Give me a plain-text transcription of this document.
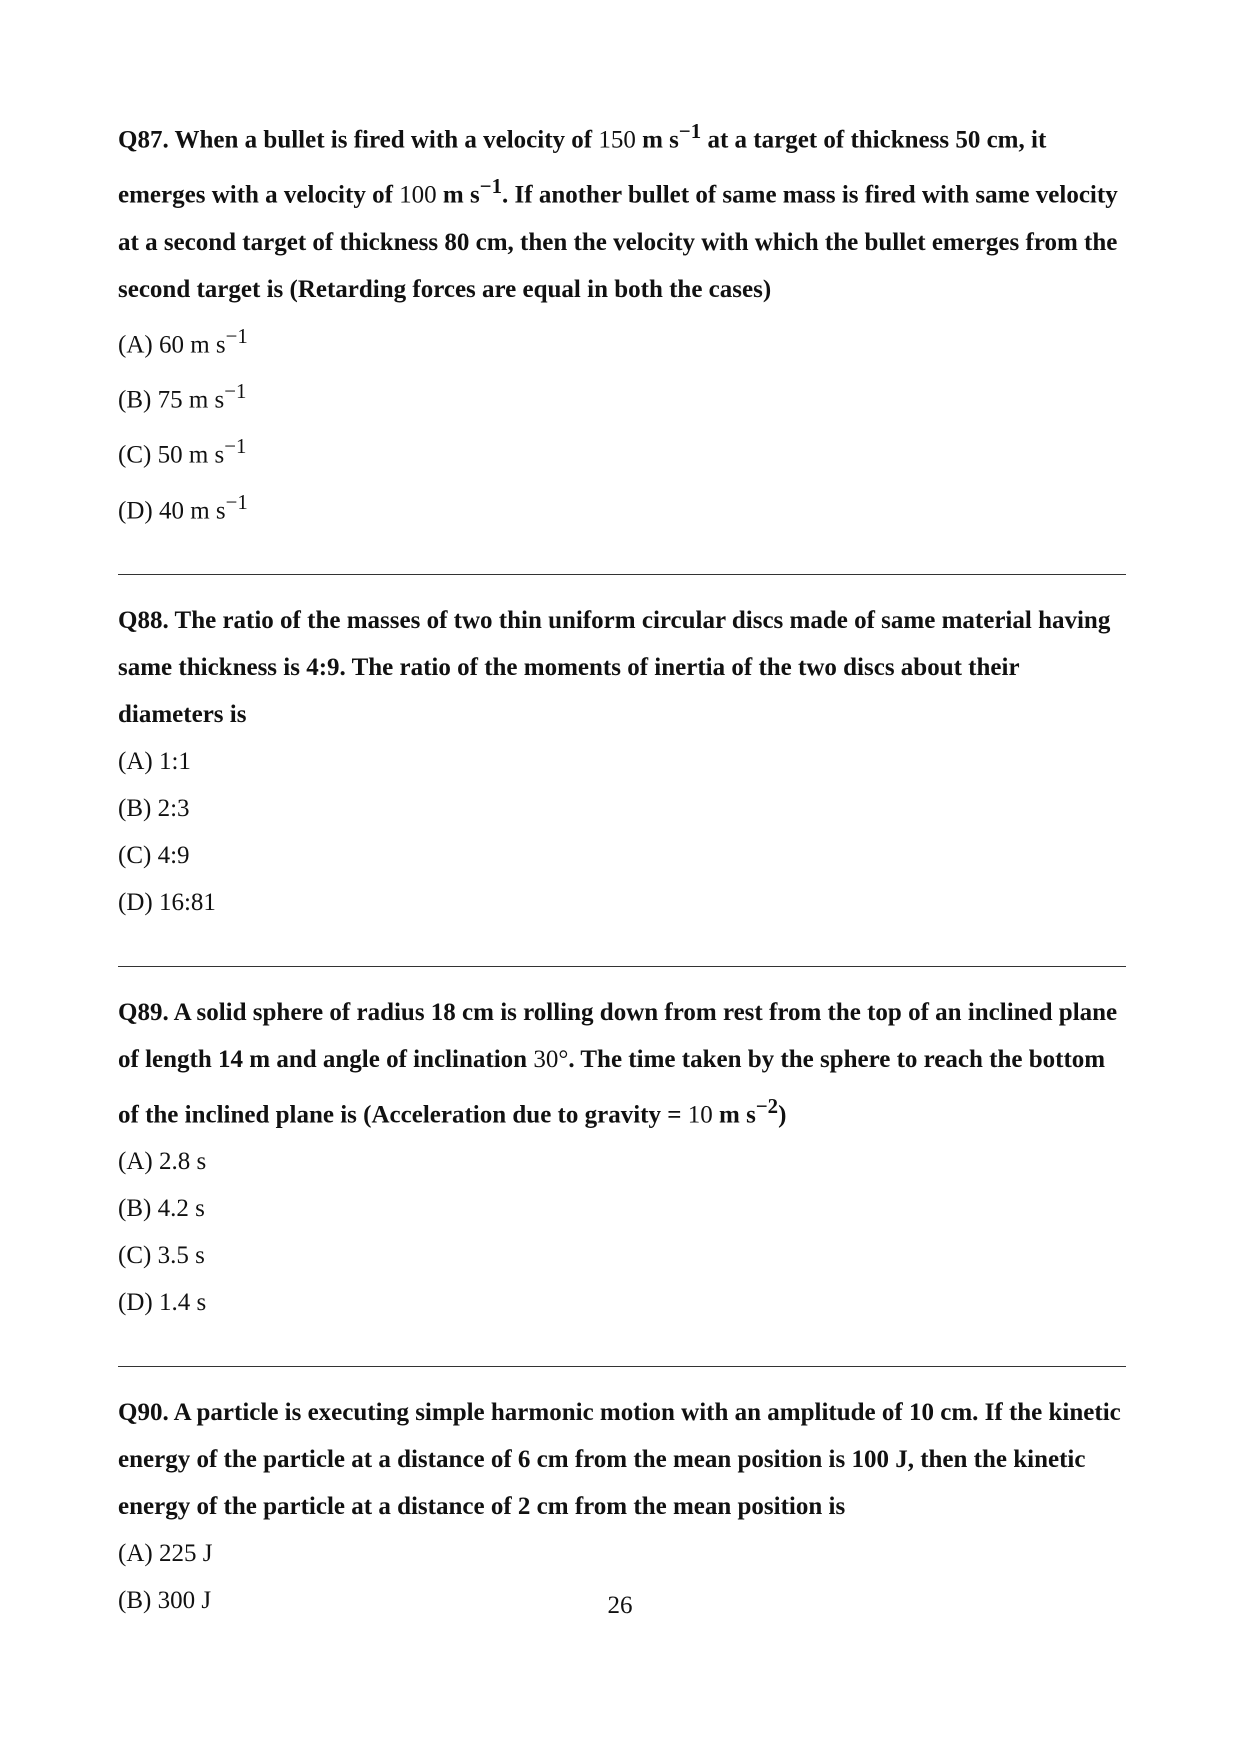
Q87. When a bullet is fired with a velocity of 150 m $s^{-1}$ at a target of thickness 50 cm, it emerges with a velocity of 100 m $s^{-1}$. If another bullet of same mass is fired with same velocity at a second target of thickness 80 cm, then the velocity with which the bullet emerges from the second target is (Retarding forces are equal in both the cases)

(A) 60 m $s^{-1}$
(B) 75 m $s^{-1}$
(C) 50 m $s^{-1}$
(D) 40 m $s^{-1}$

Q88. The ratio of the masses of two thin uniform circular discs made of same material having same thickness is 4:9. The ratio of the moments of inertia of the two discs about their diameters is

(A) 1:1
(B) 2:3
(C) 4:9
(D) 16:81

Q89. A solid sphere of radius 18 cm is rolling down from rest from the top of an inclined plane of length 14 m and angle of inclination 30°. The time taken by the sphere to reach the bottom of the inclined plane is (Acceleration due to gravity = 10 m $s^{-2}$)

(A) 2.8 s
(B) 4.2 s
(C) 3.5 s
(D) 1.4 s

Q90. A particle is executing simple harmonic motion with an amplitude of 10 cm. If the kinetic energy of the particle at a distance of 6 cm from the mean position is 100 J, then the kinetic energy of the particle at a distance of 2 cm from the mean position is

(A) 225 J
(B) 300 J	26
